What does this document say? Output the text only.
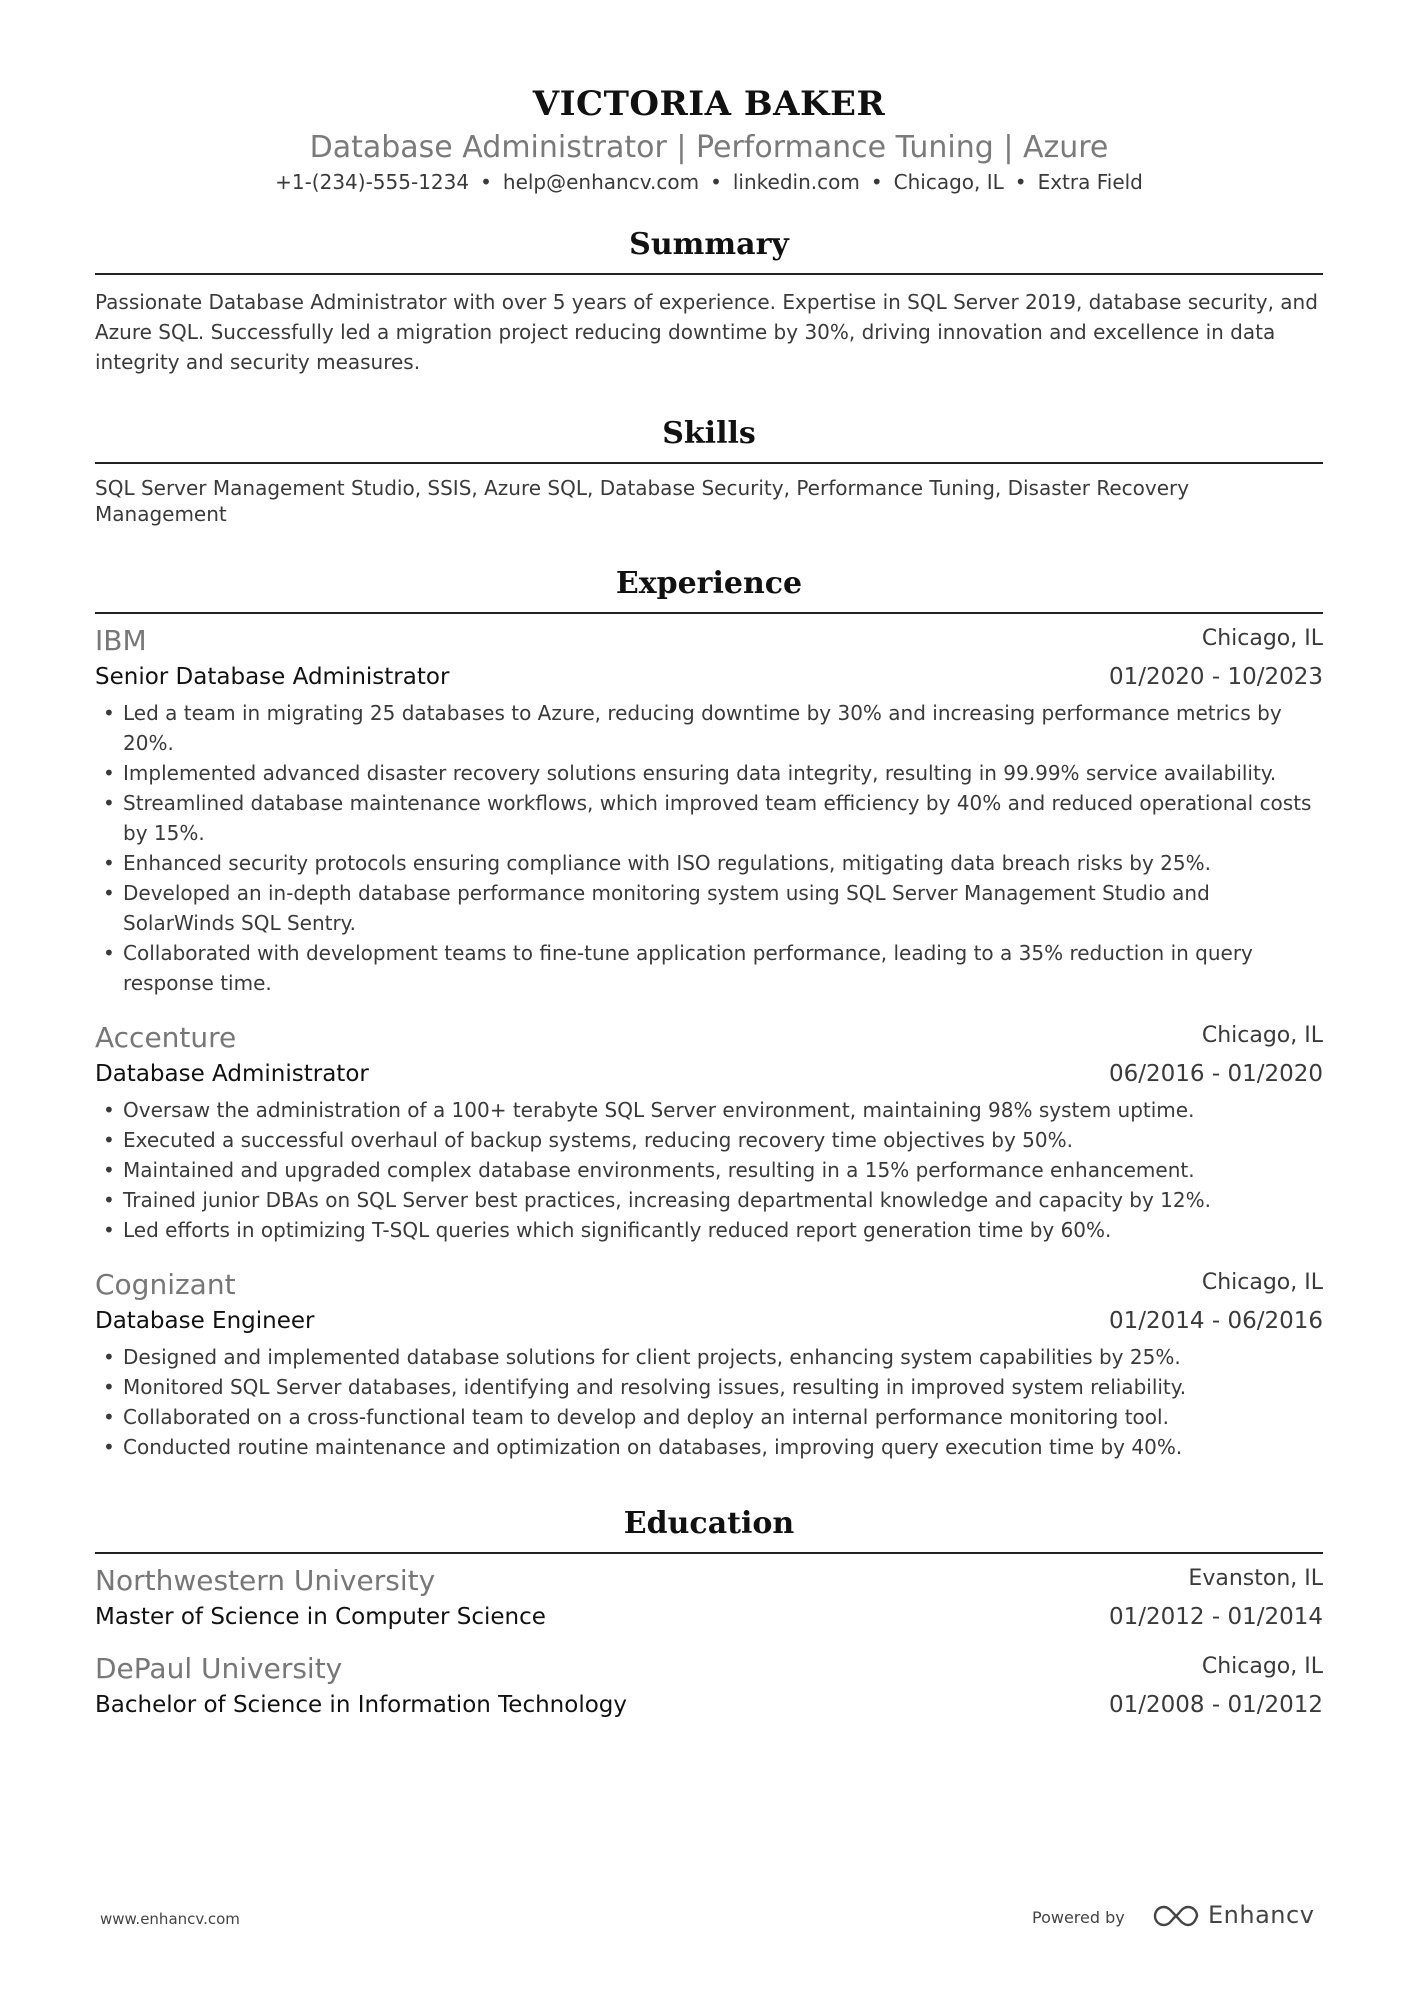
VICTORIA BAKER
Database Administrator | Performance Tuning | Azure
+1-(234)-555-1234 • help@enhancv.com • linkedin.com • Chicago, IL • Extra Field
Summary
Passionate Database Administrator with over 5 years of experience. Expertise in SQL Server 2019, database security, and Azure SQL. Successfully led a migration project reducing downtime by 30%, driving innovation and excellence in data integrity and security measures.
Skills
SQL Server Management Studio, SSIS, Azure SQL, Database Security, Performance Tuning, Disaster Recovery Management
Experience
IBM	Chicago, IL
Senior Database Administrator	01/2020 - 10/2023
• Led a team in migrating 25 databases to Azure, reducing downtime by 30% and increasing performance metrics by 20%.
• Implemented advanced disaster recovery solutions ensuring data integrity, resulting in 99.99% service availability.
• Streamlined database maintenance workflows, which improved team efficiency by 40% and reduced operational costs by 15%.
• Enhanced security protocols ensuring compliance with ISO regulations, mitigating data breach risks by 25%.
• Developed an in-depth database performance monitoring system using SQL Server Management Studio and SolarWinds SQL Sentry.
• Collaborated with development teams to fine-tune application performance, leading to a 35% reduction in query response time.
Accenture	Chicago, IL
Database Administrator	06/2016 - 01/2020
• Oversaw the administration of a 100+ terabyte SQL Server environment, maintaining 98% system uptime.
• Executed a successful overhaul of backup systems, reducing recovery time objectives by 50%.
• Maintained and upgraded complex database environments, resulting in a 15% performance enhancement.
• Trained junior DBAs on SQL Server best practices, increasing departmental knowledge and capacity by 12%.
• Led efforts in optimizing T-SQL queries which significantly reduced report generation time by 60%.
Cognizant	Chicago, IL
Database Engineer	01/2014 - 06/2016
• Designed and implemented database solutions for client projects, enhancing system capabilities by 25%.
• Monitored SQL Server databases, identifying and resolving issues, resulting in improved system reliability.
• Collaborated on a cross-functional team to develop and deploy an internal performance monitoring tool.
• Conducted routine maintenance and optimization on databases, improving query execution time by 40%.
Education
Northwestern University	Evanston, IL
Master of Science in Computer Science	01/2012 - 01/2014
DePaul University	Chicago, IL
Bachelor of Science in Information Technology	01/2008 - 01/2012
www.enhancv.com	Powered by	Enhancv
